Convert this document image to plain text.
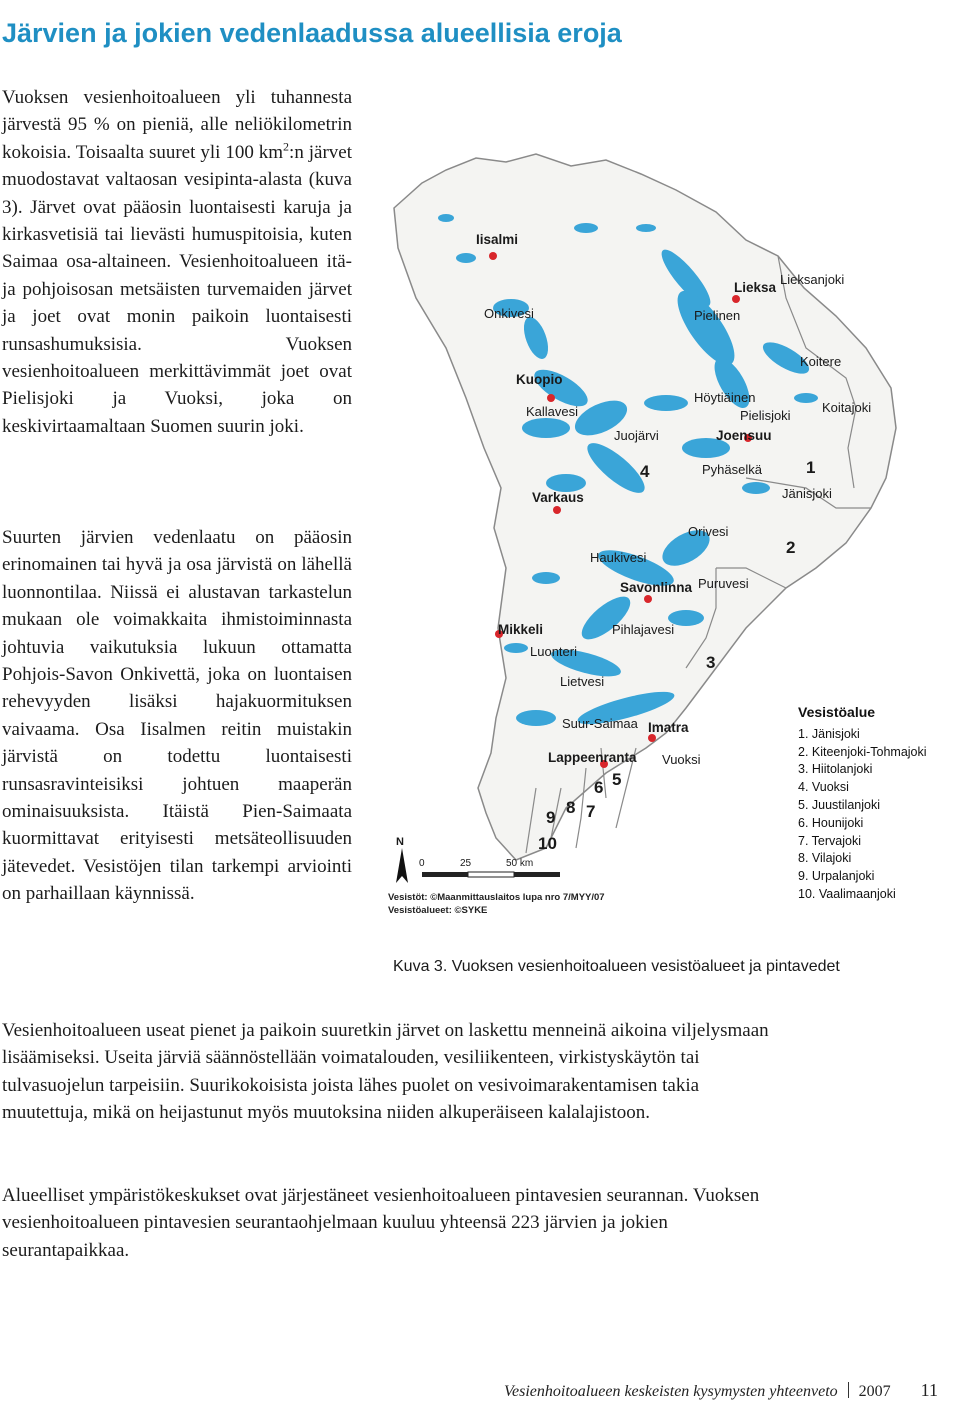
Järvien ja jokien vedenlaadussa alueellisia eroja
Vuoksen vesienhoitoalueen yli tuhannesta järvestä 95 % on pieniä, alle neliökilometrin kokoisia. Toisaalta suuret yli 100 $km^2:n$ järvet muodostavat valtaosan vesipinta-alasta (kuva 3). Järvet ovat pääosin luontaisesti karuja ja kirkasvetisiä tai lievästi humuspitoisia, kuten Saimaa osa-altaineen. Vesienhoitoalueen itä- ja pohjoisosan metsäisten turvemaiden järvet ja joet ovat monin paikoin luontaisesti runsashumuksisia. Vuoksen vesienhoitoalueen merkittävimmät joet ovat Pielisjoki ja Vuoksi, joka on keskivirtaamaltaan Suomen suurin joki.
Suurten järvien vedenlaatu on pääosin erinomainen tai hyvä ja osa järvistä on lähellä luonnontilaa. Niissä ei alustavan tarkastelun mukaan ole voimakkaita ihmistoiminnasta johtuvia vaikutuksia lukuun ottamatta Pohjois-Savon Onkivettä, joka on luontaisen rehevyyden lisäksi hajakuormituksen vaivaama. Osa Iisalmen reitin muistakin järvistä on todettu luontaisesti runsasravinteisiksi johtuen maaperän ominaisuuksista. Itäistä Pien-Saimaata kuormittavat erityisesti metsäteollisuuden jätevedet. Vesistöjen tilan tarkempi arviointi on parhaillaan käynnissä.
Iisalmi
Lieksa
Kuopio
Joensuu
Varkaus
Savonlinna
Mikkeli
Imatra
Lappeenranta
Lieksanjoki
Onkivesi	Pielinen
Koitere
Höytiäinen
Pielisjoki
Koitajoki
Kallavesi
Juojärvi
Pyhäselkä
Jänisjoki
Orivesi
Haukivesi
Puruvesi
Pihlajavesi
Luonteri
Lietvesi
Suur-Saimaa
Vuoksi
1
2
3
4
5
6
7
8
9
10
N
0	25	50 km
Vesistöt: ©Maanmittauslaitos lupa nro 7/MYY/07
Vesistöalueet: ©SYKE
Vesistöalue
1. Jänisjoki
2. Kiteenjoki-Tohmajoki
3. Hiitolanjoki
4. Vuoksi
5. Juustilanjoki
6. Hounijoki
7. Tervajoki
8. Vilajoki
9. Urpalanjoki
10. Vaalimaanjoki
Kuva 3. Vuoksen vesienhoitoalueen vesistöalueet ja pintavedet
Vesienhoitoalueen useat pienet ja paikoin suuretkin järvet on laskettu menneinä aikoina viljelysmaan lisäämiseksi. Useita järviä säännöstellään voimatalouden, vesiliikenteen, virkistyskäytön tai tulvasuojelun tarpeisiin. Suurikokoisista joista lähes puolet on vesivoimarakentamisen takia muutettuja, mikä on heijastunut myös muutoksina niiden alkuperäiseen kalalajistoon.
Alueelliset ympäristökeskukset ovat järjestäneet vesienhoitoalueen pintavesien seurannan. Vuoksen vesienhoitoalueen pintavesien seurantaohjelmaan kuuluu yhteensä 223 järvien ja jokien seurantapaikkaa.
Vesienhoitoalueen keskeisten kysymysten yhteenveto 2007 11
